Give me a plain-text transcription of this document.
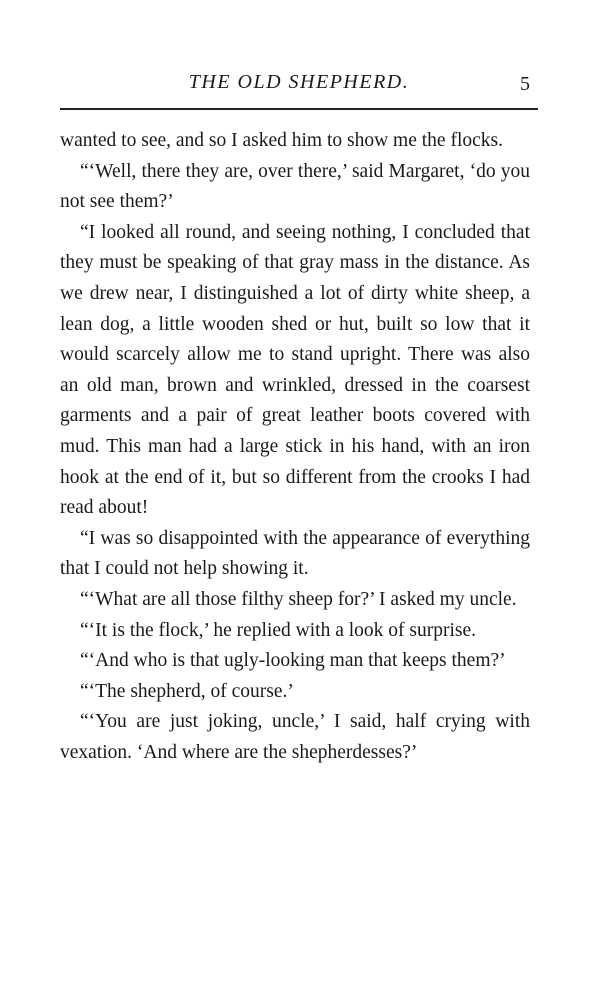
THE OLD SHEPHERD.	5

wanted to see, and so I asked him to show me the flocks.

“‘Well, there they are, over there,’ said Margaret, ‘do you not see them?’

“I looked all round, and seeing nothing, I concluded that they must be speaking of that gray mass in the distance. As we drew near, I distinguished a lot of dirty white sheep, a lean dog, a little wooden shed or hut, built so low that it would scarcely allow me to stand upright. There was also an old man, brown and wrinkled, dressed in the coarsest garments and a pair of great leather boots covered with mud. This man had a large stick in his hand, with an iron hook at the end of it, but so different from the crooks I had read about!

“I was so disappointed with the appearance of everything that I could not help showing it.

“‘What are all those filthy sheep for?’ I asked my uncle.

“‘It is the flock,’ he replied with a look of surprise.

“‘And who is that ugly-looking man that keeps them?’

“‘The shepherd, of course.’

“‘You are just joking, uncle,’ I said, half crying with vexation. ‘And where are the shepherdesses?’
